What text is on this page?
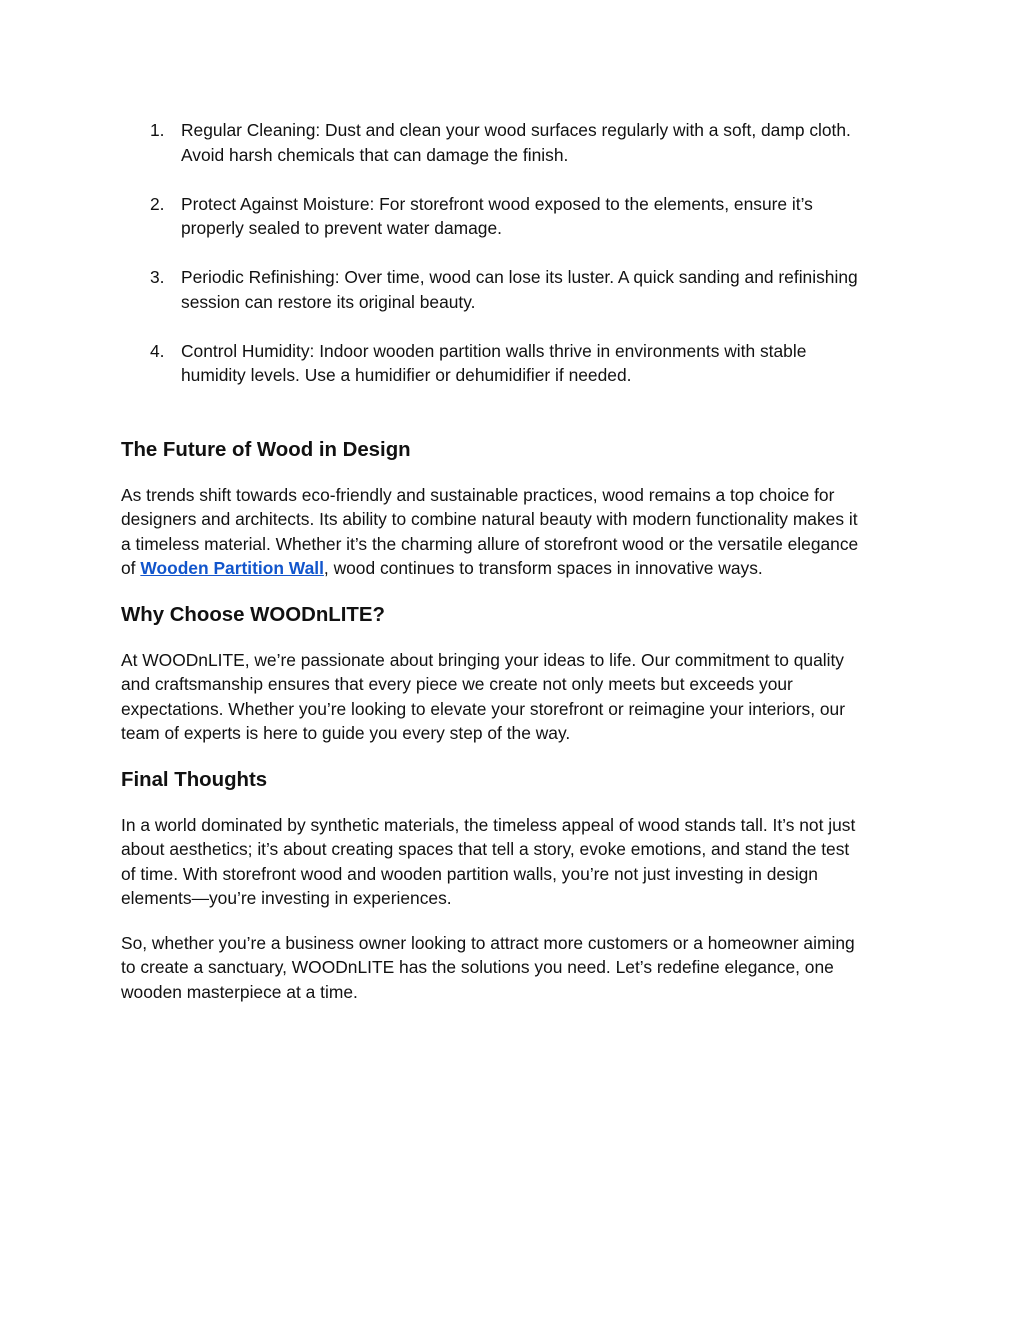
1. Regular Cleaning: Dust and clean your wood surfaces regularly with a soft, damp cloth.
Avoid harsh chemicals that can damage the finish.
2. Protect Against Moisture: For storefront wood exposed to the elements, ensure it’s
properly sealed to prevent water damage.
3. Periodic Refinishing: Over time, wood can lose its luster. A quick sanding and refinishing
session can restore its original beauty.
4. Control Humidity: Indoor wooden partition walls thrive in environments with stable
humidity levels. Use a humidifier or dehumidifier if needed.
The Future of Wood in Design

As trends shift towards eco-friendly and sustainable practices, wood remains a top choice for
designers and architects. Its ability to combine natural beauty with modern functionality makes it
a timeless material. Whether it’s the charming allure of storefront wood or the versatile elegance
of Wooden Partition Wall, wood continues to transform spaces in innovative ways.

Why Choose WOODnLITE?

At WOODnLITE, we’re passionate about bringing your ideas to life. Our commitment to quality
and craftsmanship ensures that every piece we create not only meets but exceeds your
expectations. Whether you’re looking to elevate your storefront or reimagine your interiors, our
team of experts is here to guide you every step of the way.

Final Thoughts

In a world dominated by synthetic materials, the timeless appeal of wood stands tall. It’s not just
about aesthetics; it’s about creating spaces that tell a story, evoke emotions, and stand the test
of time. With storefront wood and wooden partition walls, you’re not just investing in design
elements—you’re investing in experiences.

So, whether you’re a business owner looking to attract more customers or a homeowner aiming
to create a sanctuary, WOODnLITE has the solutions you need. Let’s redefine elegance, one
wooden masterpiece at a time.
